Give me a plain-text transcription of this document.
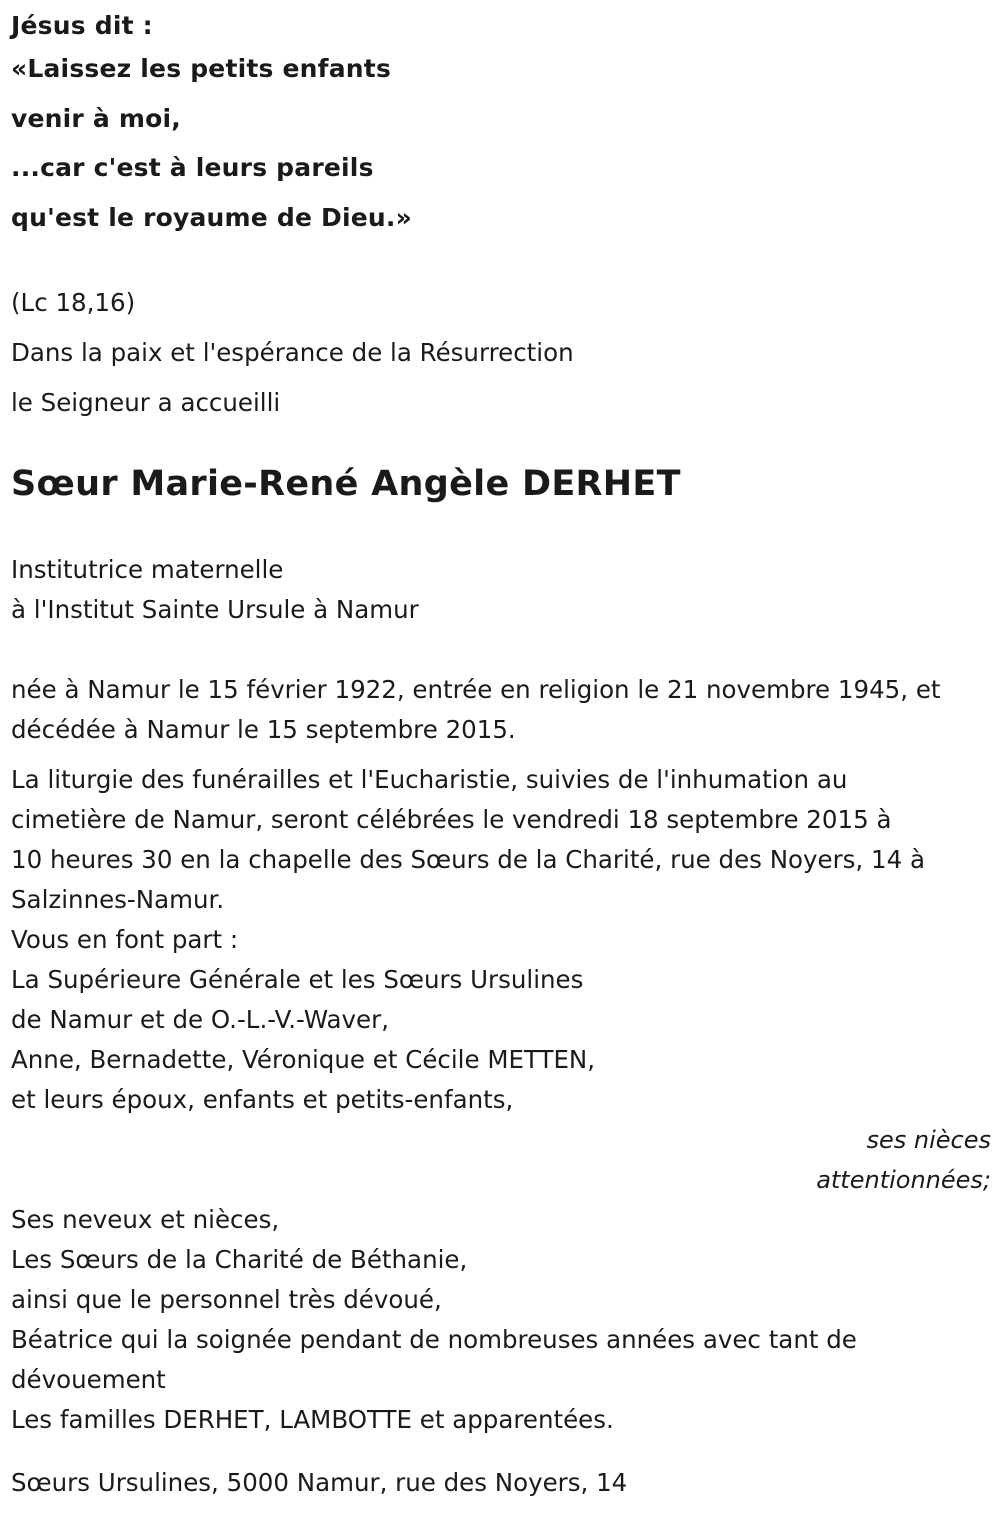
Jésus dit :
«Laissez les petits enfants
venir à moi,
...car c'est à leurs pareils
qu'est le royaume de Dieu.»
(Lc 18,16)
Dans la paix et l'espérance de la Résurrection
le Seigneur a accueilli
Sœur Marie-René Angèle DERHET
Institutrice maternelle
à l'Institut Sainte Ursule à Namur
née à Namur le 15 février 1922, entrée en religion le 21 novembre 1945, et
décédée à Namur le 15 septembre 2015.
La liturgie des funérailles et l'Eucharistie, suivies de l'inhumation au
cimetière de Namur, seront célébrées le vendredi 18 septembre 2015 à
10 heures 30 en la chapelle des Sœurs de la Charité, rue des Noyers, 14 à
Salzinnes-Namur.
Vous en font part :
La Supérieure Générale et les Sœurs Ursulines
de Namur et de O.-L.-V.-Waver,
Anne, Bernadette, Véronique et Cécile METTEN,
et leurs époux, enfants et petits-enfants,
ses nièces
attentionnées;
Ses neveux et nièces,
Les Sœurs de la Charité de Béthanie,
ainsi que le personnel très dévoué,
Béatrice qui la soignée pendant de nombreuses années avec tant de
dévouement
Les familles DERHET, LAMBOTTE et apparentées.
Sœurs Ursulines, 5000 Namur, rue des Noyers, 14
